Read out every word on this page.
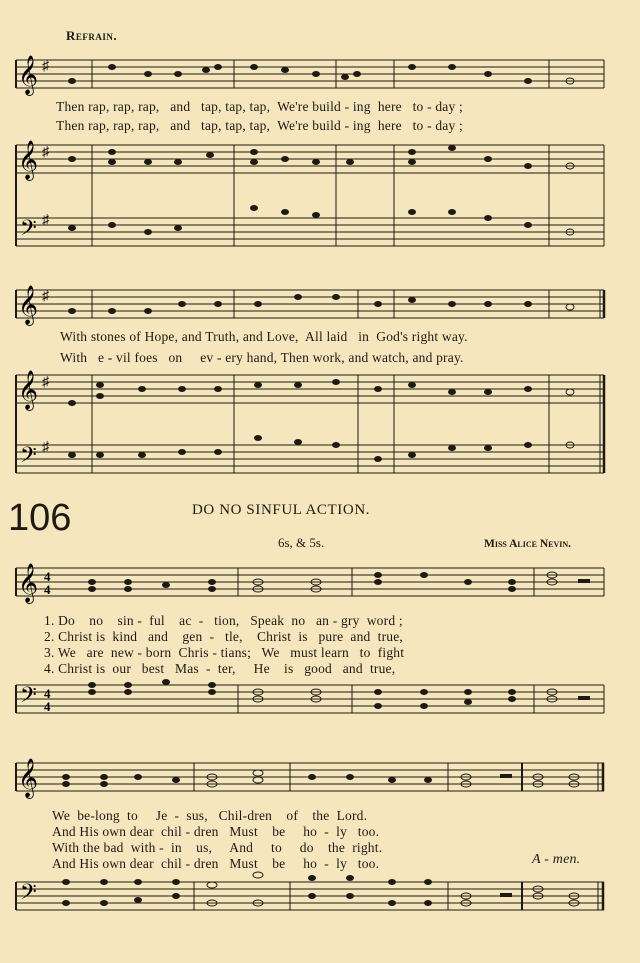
Refrain.
𝄞 ♯
Then rap, rap, rap,   and   tap, tap, tap,  We're build - ing  here   to - day ;
Then rap, rap, rap,   and   tap, tap, tap,  We're build - ing  here   to - day ;
𝄞 ♯
𝄢 ♯
𝄞 ♯
With stones of Hope, and Truth, and Love,  All laid   in  God's right way.
With   e - vil foes   on     ev - ery hand, Then work, and watch, and pray.
𝄞 ♯
𝄢 ♯
106	DO NO SINFUL ACTION.
6s, & 5s.	Miss Alice Nevin.
𝄞 4
4
1. Do    no    sin -  ful    ac  -   tion,   Speak  no   an - gry  word ;
2. Christ is  kind   and    gen  -   tle,    Christ  is   pure  and  true,
3. We   are  new - born  Chris - tians;   We   must learn   to  fight
4. Christ is  our   best   Mas  -  ter,     He    is   good   and  true,
𝄢 4
4
𝄞
We  be-long  to     Je  -  sus,   Chil-dren    of    the  Lord.
And His own dear  chil - dren   Must    be     ho  -  ly   too.
With the bad  with -  in    us,     And     to     do    the  right.
And His own dear  chil - dren   Must    be     ho  -  ly   too.	A - men.
𝄢
